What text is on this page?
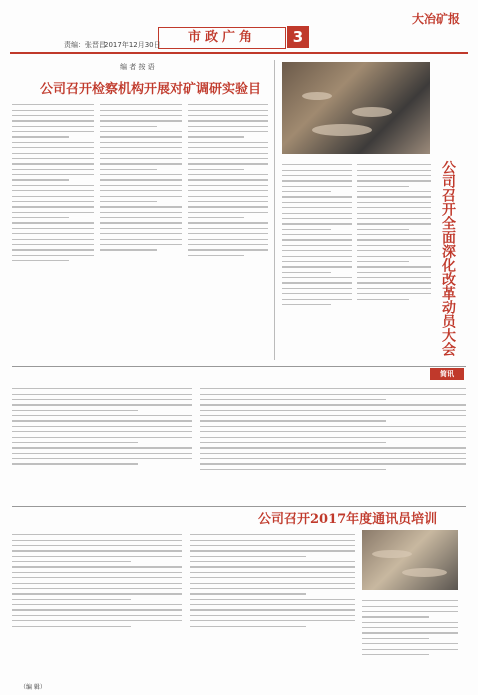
大冶矿报
3
市政广角
2017年12月30日
责编：张晋昌
公司召开检察机构开展对矿调研实验目
编 者 按 语
公司召开全面深化改革动员大会
简讯
公司召开2017年度通讯员培训
（编 辑）
